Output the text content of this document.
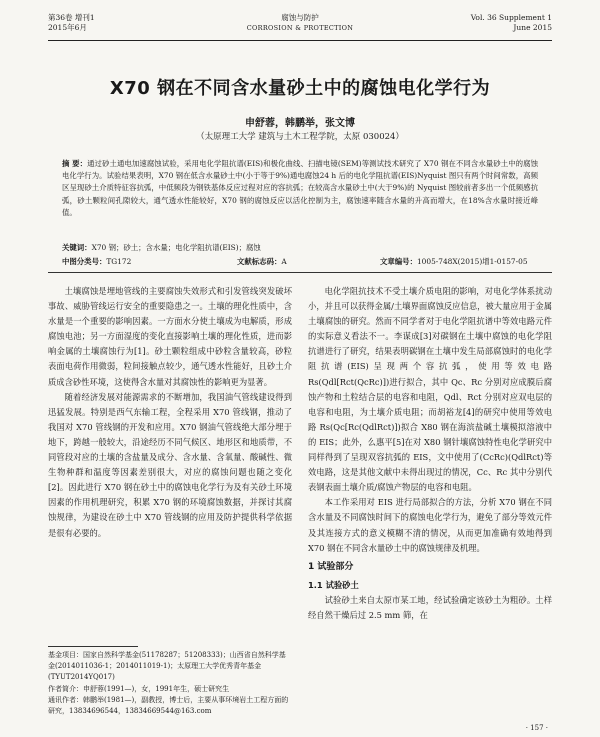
第36卷 增刊1
2015年6月
腐蚀与防护
CORROSION & PROTECTION
Vol. 36 Supplement 1
June 2015
X70 钢在不同含水量砂土中的腐蚀电化学行为
申舒蓉，韩鹏举，张文博
（太原理工大学 建筑与土木工程学院，太原 030024）
摘 要：通过砂土通电加速腐蚀试验，采用电化学阻抗谱(EIS)和极化曲线、扫描电镜(SEM)等测试技术研究了 X70 钢在不同含水量砂土中的腐蚀电化学行为。试验结果表明，X70 钢在低含水量砂土中(小于等于9%)通电腐蚀24 h 后的电化学阻抗谱(EIS)Nyquist 图只有两个时间常数，高频区呈现砂土介质特征容抗弧，中低频段为钢铁基体反应过程对应的容抗弧；在较高含水量砂土中(大于9%)的 Nyquist 图较前者多出一个低频感抗弧，砂土颗粒间孔隙较大，通气透水性能较好，X70 钢的腐蚀反应以活化控制为主，腐蚀速率随含水量的升高而增大，在18%含水量时接近峰值。
关键词：X70 钢；砂土；含水量；电化学阻抗谱(EIS)；腐蚀
中图分类号： TG172	文献标志码： A	文章编号： 1005-748X(2015)增1-0157-05

土壤腐蚀是埋地管线的主要腐蚀失效形式和引发管线突发破坏事故、威胁管线运行安全的重要隐患之一。土壤的理化性质中，含水量是一个重要的影响因素。一方面水分使土壤成为电解质，形成腐蚀电池；另一方面湿度的变化直接影响土壤的理化性质，进而影响金属的土壤腐蚀行为[1]。砂土颗粒组成中砂粒含量较高，砂粒表面电荷作用微弱，粒间接触点较少，通气透水性能好，且砂土介质成含砂性环境，这使得含水量对其腐蚀性的影响更为显著。

随着经济发展对能源需求的不断增加，我国油气管线建设得到迅猛发展。特别是西气东输工程，全程采用 X70 管线钢，推动了我国对 X70 管线钢的开发和应用。X70 钢油气管线绝大部分埋于地下，跨越一般较大，沿途经历不同气候区、地形区和地质带，不同管段对应的土壤的含盐量及成分、含水量、含氧量、酸碱性、微生物种群和温度等因素差别很大，对应的腐蚀问题也随之变化[2]。因此进行 X70 钢在砂土中的腐蚀电化学行为及有关砂土环境因素的作用机理研究，积累 X70 钢的环境腐蚀数据，并探讨其腐蚀规律，为建设在砂土中 X70 管线钢的应用及防护提供科学依据是很有必要的。

基金项目：国家自然科学基金(51178287；51208333)；山西省自然科学基金(2014011036-1；2014011019-1)；太原理工大学优秀青年基金(TYUT2014YQ017)
作者简介：申舒蓉(1991—)，女，1991年生，硕士研究生
通讯作者：韩鹏举(1981—)，副教授，博士后，主要从事环境岩土工程方面的研究，13834696544，13834669544@163.com

电化学阻抗技术不受土壤介质电阻的影响，对电化学体系扰动小，并且可以获得金属/土壤界面腐蚀反应信息，被大量应用于金属土壤腐蚀的研究。然而不同学者对于电化学阻抗谱中等效电路元件的实际意义看法不一。李谋成[3]对碳钢在土壤中腐蚀的电化学阻抗谱进行了研究，结果表明碳钢在土壤中发生局部腐蚀时的电化学阻抗谱(EIS)呈现两个容抗弧，使用等效电路 Rs(Qdl[Rct(QcRc)])进行拟合，其中 Qc、Rc 分别对应成膜后腐蚀产物和土粒结合层的电容和电阻，Qdl、Rct 分别对应双电层的电容和电阻，为土壤介质电阻；而胡裕龙[4]的研究中使用等效电路 Rs(Qc[Rc(QdlRct)])拟合 X80 钢在海滨盐碱土壤模拟溶液中的 EIS；此外，么惠平[5]在对 X80 钢针壤腐蚀特性电化学研究中同样得到了呈现双容抗弧的 EIS，文中使用了(CcRc)(QdlRct)等效电路，这是其他文献中未得出现过的情况，Cc、Rc 其中分别代表钢表面土壤介质/腐蚀产物层的电容和电阻。

本工作采用对 EIS 进行局部拟合的方法，分析 X70 钢在不同含水量及不同腐蚀时间下的腐蚀电化学行为，避免了部分等效元件及其连接方式的意义模糊不清的情况，从而更加准确有效地得到 X70 钢在不同含水量砂土中的腐蚀规律及机理。

1 试验部分
1.1 试验砂土

试验砂土来自太原市某工地，经试验确定该砂土为粗砂。土样经自然干燥后过 2.5 mm 筛，在

· 157 ·
